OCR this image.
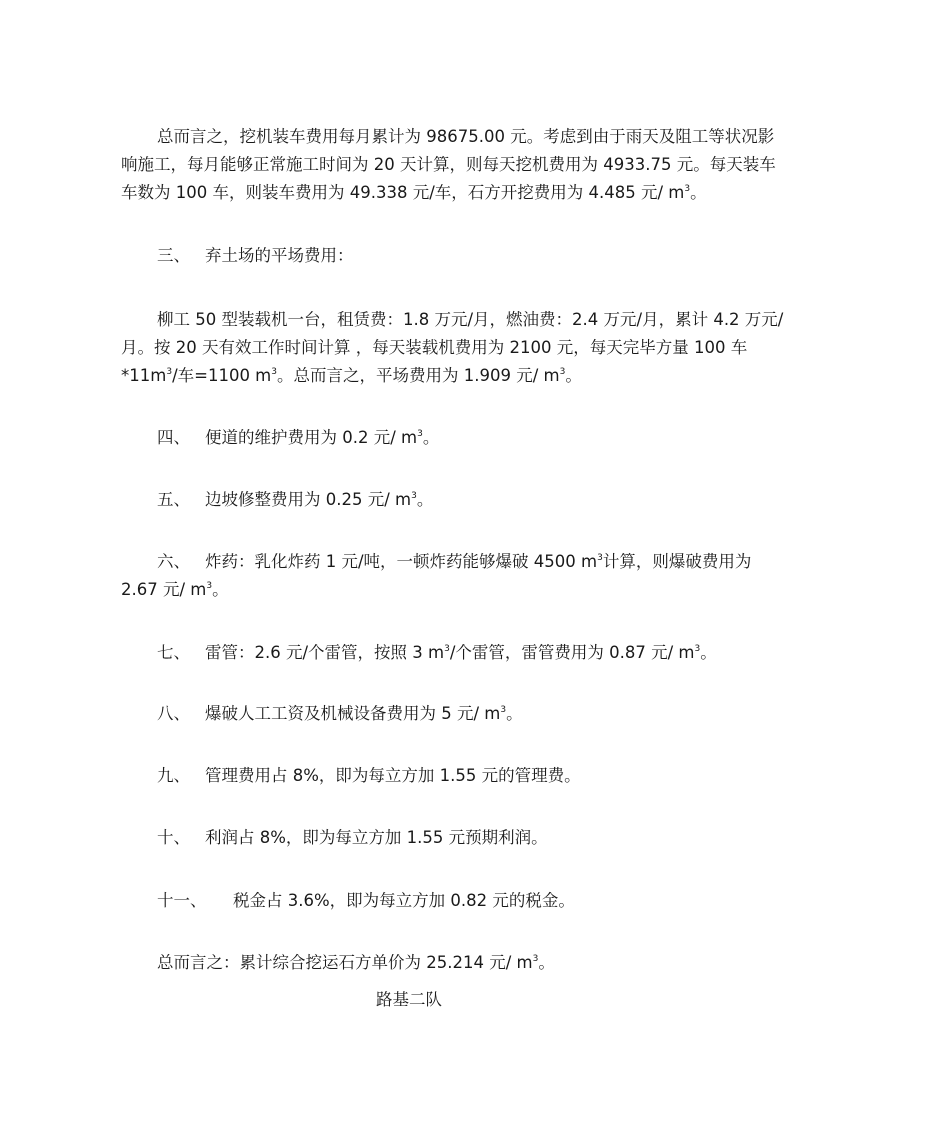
总而言之，挖机装车费用每月累计为 98675.00 元。考虑到由于雨天及阻工等状况影

响施工，每月能够正常施工时间为 20 天计算，则每天挖机费用为 4933.75 元。每天装车

车数为 100 车，则装车费用为 49.338 元/车，石方开挖费用为 4.485 元/ $m^3$。

三、 弃土场的平场费用：

柳工 50 型装载机一台，租赁费：1.8 万元/月，燃油费：2.4 万元/月，累计 4.2 万元/

月。按 20 天有效工作时间计算 ，每天装载机费用为 2100 元，每天完毕方量 100 车

$*11m^3/$车=1100 $m^3$。总而言之，平场费用为 1.909 元/ $m^3$。

四、 便道的维护费用为 0.2 元/ $m^3$。

五、 边坡修整费用为 0.25 元/ $m^3$。

六、 炸药：乳化炸药 1 元/吨，一顿炸药能够爆破 4500 $m^3$计算，则爆破费用为

2.67 元/ $m^3$。

七、 雷管：2.6 元/个雷管，按照 3 $m^3/$个雷管，雷管费用为 0.87 元/ $m^3$。

八、 爆破人工工资及机械设备费用为 5 元/ $m^3$。

九、 管理费用占 8%，即为每立方加 1.55 元的管理费。

十、 利润占 8%，即为每立方加 1.55 元预期利润。

十一、 税金占 3.6%，即为每立方加 0.82 元的税金。

总而言之：累计综合挖运石方单价为 25.214 元/ $m^3$。

路基二队
